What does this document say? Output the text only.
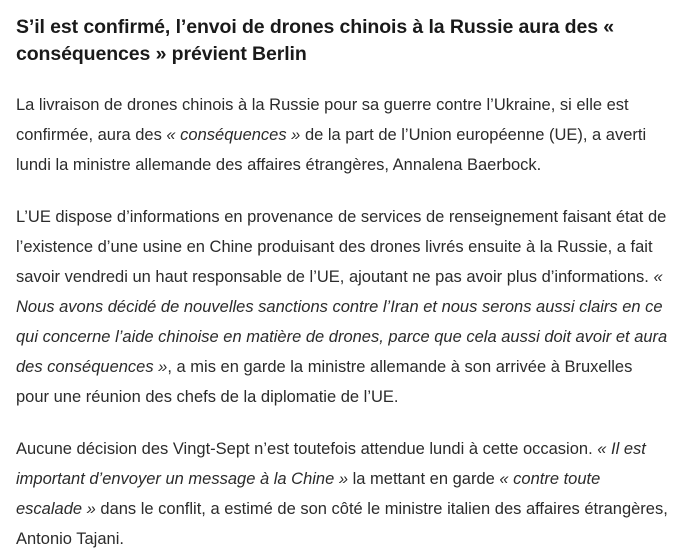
S’il est confirmé, l’envoi de drones chinois à la Russie aura des « conséquences » prévient Berlin

La livraison de drones chinois à la Russie pour sa guerre contre l’Ukraine, si elle est confirmée, aura des « conséquences » de la part de l’Union européenne (UE), a averti lundi la ministre allemande des affaires étrangères, Annalena Baerbock.

L’UE dispose d’informations en provenance de services de renseignement faisant état de l’existence d’une usine en Chine produisant des drones livrés ensuite à la Russie, a fait savoir vendredi un haut responsable de l’UE, ajoutant ne pas avoir plus d’informations. « Nous avons décidé de nouvelles sanctions contre l’Iran et nous serons aussi clairs en ce qui concerne l’aide chinoise en matière de drones, parce que cela aussi doit avoir et aura des conséquences », a mis en garde la ministre allemande à son arrivée à Bruxelles pour une réunion des chefs de la diplomatie de l’UE.

Aucune décision des Vingt-Sept n’est toutefois attendue lundi à cette occasion. « Il est important d’envoyer un message à la Chine » la mettant en garde « contre toute escalade » dans le conflit, a estimé de son côté le ministre italien des affaires étrangères, Antonio Tajani.
